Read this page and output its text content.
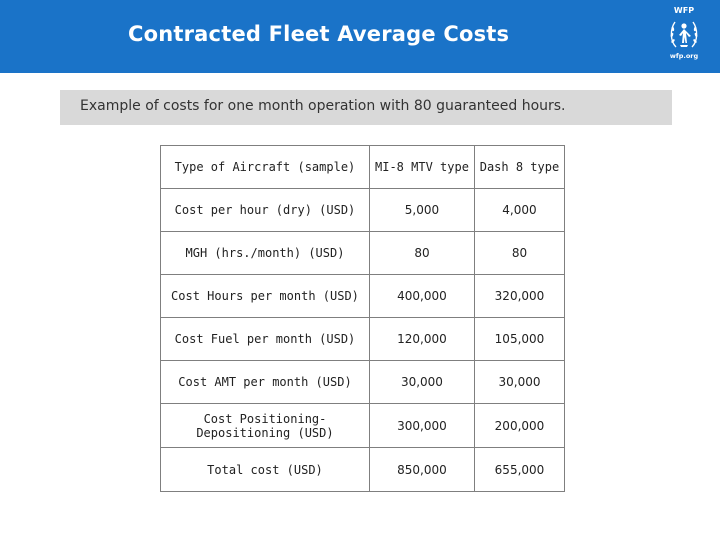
Contracted Fleet Average Costs
WFP
wfp.org
Example of costs for one month operation with 80 guaranteed hours.
Type of Aircraft (sample)	MI-8 MTV type	Dash 8 type
Cost per hour (dry) (USD)	5,000	4,000
MGH (hrs./month) (USD)	80	80
Cost Hours per month (USD)	400,000	320,000
Cost Fuel per month (USD)	120,000	105,000
Cost AMT per month (USD)	30,000	30,000
Cost Positioning-Depositioning (USD)	300,000	200,000
Total cost (USD)	850,000	655,000
